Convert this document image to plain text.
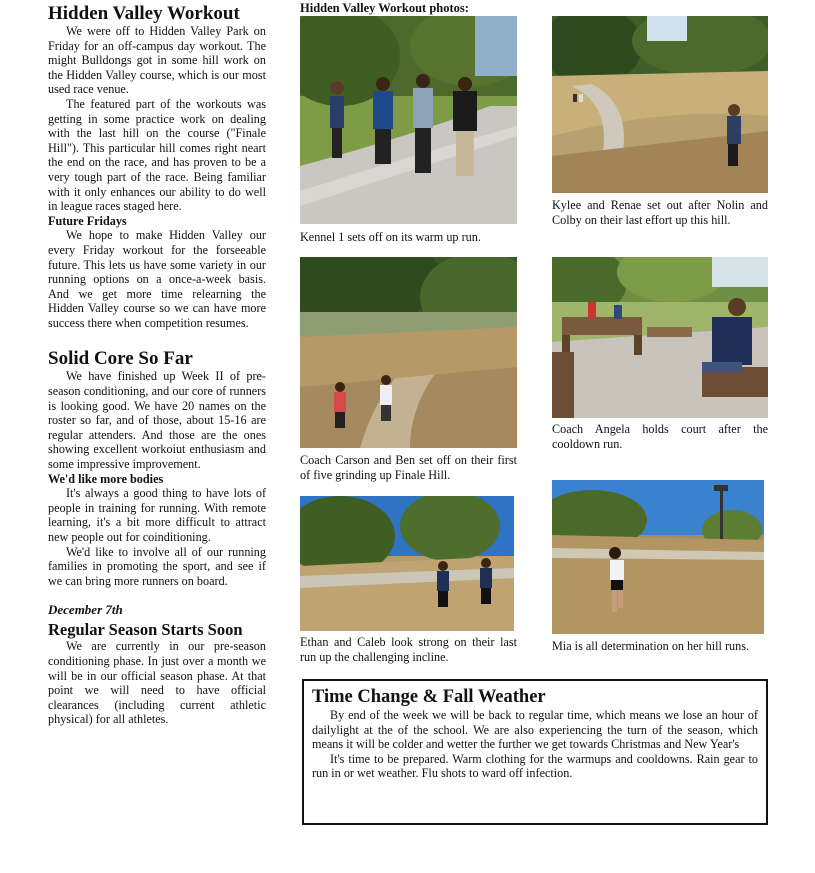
Hidden Valley Workout

We were off to Hidden Valley Park on Friday for an off-campus day workout. The might Bulldongs got in some hill work on the Hidden Valley course, which is our most used race venue.

The featured part of the workouts was getting in some practice work on dealing with the last hill on the course ("Finale Hill"). This particular hill comes right neart the end on the race, and has proven to be a very tough part of the race. Being familiar with it only enhances our ability to do well in league races staged here.

Future Fridays

We hope to make Hidden Valley our every Friday workout for the forseeable future. This lets us have some variety in our running options on a once-a-week basis. And we get more time relearning the Hidden Valley course so we can have more success there when competition resumes.

Solid Core So Far

We have finished up Week II of pre-season conditioning, and our core of runners is looking good. We have 20 names on the roster so far, and of those, about 15-16 are regular attenders. And those are the ones showing excellent workoiut enthusiasm and some impressive improvement.

We'd like more bodies

It's always a good thing to have lots of people in training for running. With remote learning, it's a bit more difficult to attract new people out for coinditioning.

We'd like to involve all of our running families in promoting the sport, and see if we can bring more runners on board.

December 7th
Regular Season Starts Soon

We are currently in our pre-season conditioning phase. In just over a month we will be in our official season phase. At that point we will need to have official clearances (including current athletic physical) for all athletes.

Hidden Valley Workout photos:
Kennel 1 sets off on its warm up run.
Kylee and Renae set out after Nolin and Colby on their last effort up this hill.
Coach Carson and Ben set off on their first of five grinding up Finale Hill.
Coach Angela holds court after the cooldown run.
Ethan and Caleb look strong on their last run up the challenging incline.
Mia is all determination on her hill runs.
Time Change & Fall Weather

By end of the week we will be back to regular time, which means we lose an hour of dailylight at the of the school. We are also experiencing the turn of the season, which means it will be colder and wetter the further we get towards Christmas and New Year's

It's time to be prepared. Warm clothing for the warmups and cooldowns. Rain gear to run in or wet weather. Flu shots to ward off infection.
